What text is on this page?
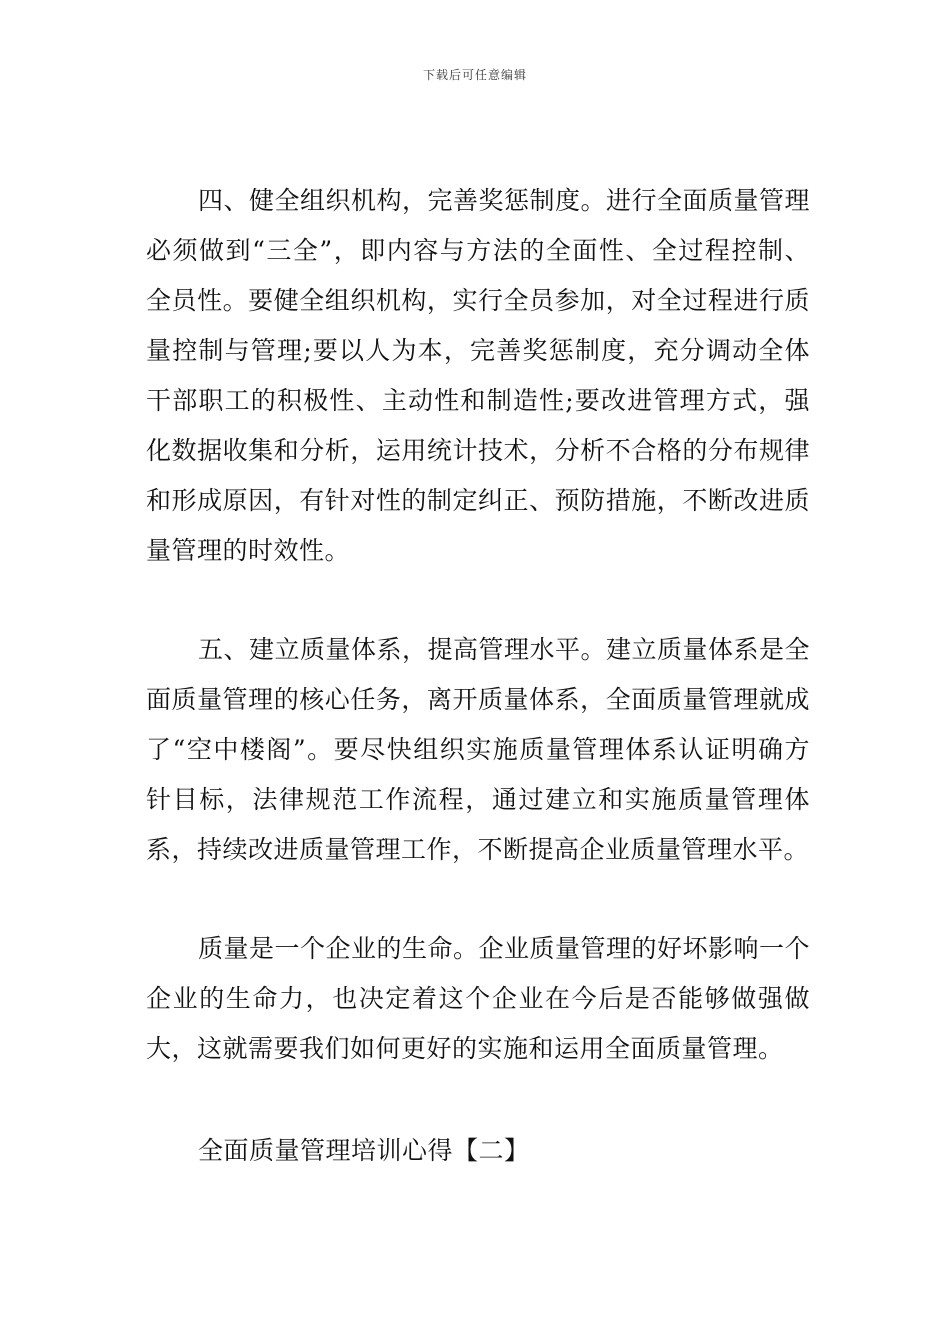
下载后可任意编辑

四、健全组织机构，完善奖惩制度。进行全面质量管理必须做到“三全”，即内容与方法的全面性、全过程控制、全员性。要健全组织机构，实行全员参加，对全过程进行质量控制与管理;要以人为本，完善奖惩制度，充分调动全体干部职工的积极性、主动性和制造性;要改进管理方式，强化数据收集和分析，运用统计技术，分析不合格的分布规律和形成原因，有针对性的制定纠正、预防措施，不断改进质量管理的时效性。

五、建立质量体系，提高管理水平。建立质量体系是全面质量管理的核心任务，离开质量体系，全面质量管理就成了“空中楼阁”。要尽快组织实施质量管理体系认证明确方针目标，法律规范工作流程，通过建立和实施质量管理体系，持续改进质量管理工作，不断提高企业质量管理水平。

质量是一个企业的生命。企业质量管理的好坏影响一个企业的生命力，也决定着这个企业在今后是否能够做强做大，这就需要我们如何更好的实施和运用全面质量管理。

全面质量管理培训心得【二】
